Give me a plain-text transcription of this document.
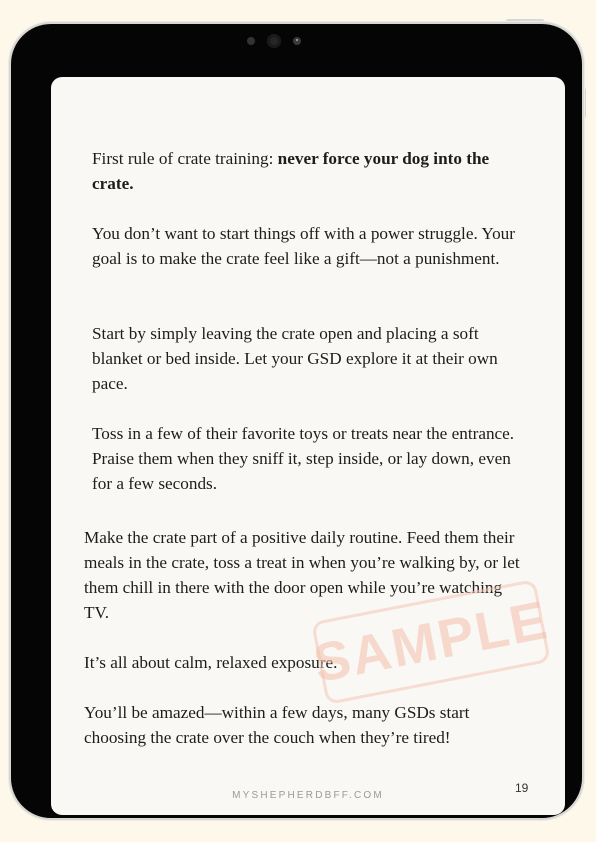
First rule of crate training: never force your dog into the crate.

You don’t want to start things off with a power struggle. Your goal is to make the crate feel like a gift—not a punishment.

Start by simply leaving the crate open and placing a soft blanket or bed inside. Let your GSD explore it at their own pace.

Toss in a few of their favorite toys or treats near the entrance. Praise them when they sniff it, step inside, or lay down, even for a few seconds.

Make the crate part of a positive daily routine. Feed them their meals in the crate, toss a treat in when you’re walking by, or let them chill in there with the door open while you’re watching TV.

It’s all about calm, relaxed exposure.

You’ll be amazed—within a few days, many GSDs start choosing the crate over the couch when they’re tired!

SAMPLE
MYSHEPHERDBFF.COM
19
